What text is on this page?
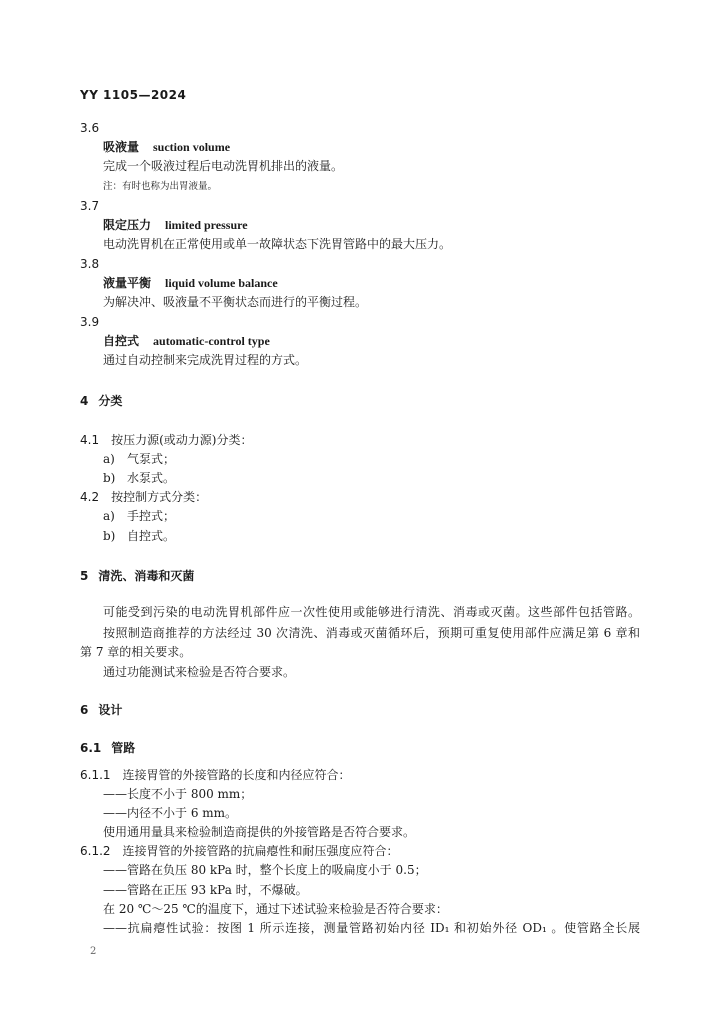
YY 1105—2024
3.6
吸液量 suction volume
完成一个吸液过程后电动洗胃机排出的液量。
注：有时也称为出胃液量。
3.7
限定压力 limited pressure
电动洗胃机在正常使用或单一故障状态下洗胃管路中的最大压力。
3.8
液量平衡 liquid volume balance
为解决冲、吸液量不平衡状态而进行的平衡过程。
3.9
自控式 automatic-control type
通过自动控制来完成洗胃过程的方式。
4 分类
4.1 按压力源(或动力源)分类：
a) 气泵式；
b) 水泵式。
4.2 按控制方式分类：
a) 手控式；
b) 自控式。
5 清洗、消毒和灭菌
可能受到污染的电动洗胃机部件应一次性使用或能够进行清洗、消毒或灭菌。这些部件包括管路。
按照制造商推荐的方法经过 30 次清洗、消毒或灭菌循环后，预期可重复使用部件应满足第 6 章和
第 7 章的相关要求。
通过功能测试来检验是否符合要求。
6 设计
6.1 管路
6.1.1 连接胃管的外接管路的长度和内径应符合：
——长度不小于 800 mm；
——内径不小于 6 mm。
使用通用量具来检验制造商提供的外接管路是否符合要求。
6.1.2 连接胃管的外接管路的抗扁瘪性和耐压强度应符合：
——管路在负压 80 kPa 时，整个长度上的吸扁度小于 0.5；
——管路在正压 93 kPa 时，不爆破。
在 20 ℃～25 ℃的温度下，通过下述试验来检验是否符合要求：
——抗扁瘪性试验：按图 1 所示连接，测量管路初始内径 ID₁ 和初始外径 OD₁ 。使管路全长展
2
